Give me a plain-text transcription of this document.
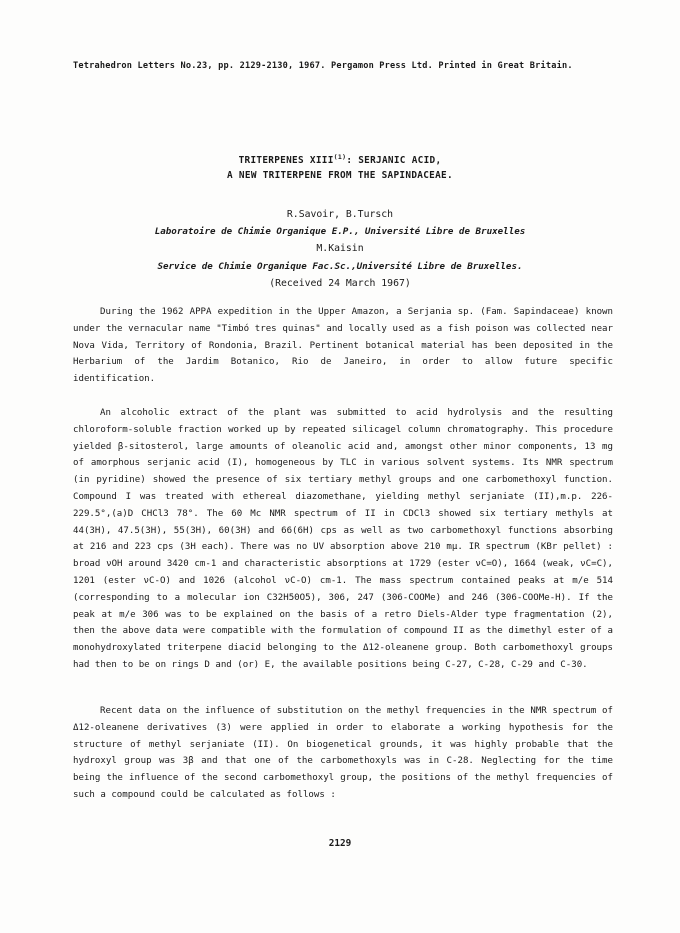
Tetrahedron Letters No.23, pp. 2129-2130, 1967. Pergamon Press Ltd. Printed in Great Britain.
TRITERPENES XIII$^{(1)}$: SERJANIC ACID,
A NEW TRITERPENE FROM THE SAPINDACEAE.
R.Savoir, B.Tursch
Laboratoire de Chimie Organique E.P., Université Libre de Bruxelles
M.Kaisin
Service de Chimie Organique Fac.Sc.,Université Libre de Bruxelles.
(Received 24 March 1967)

During the 1962 APPA expedition in the Upper Amazon, a Serjania sp. (Fam. Sapindaceae) known under the vernacular name "Timbó tres quinas" and locally used as a fish poison was collected near Nova Vida, Territory of Rondonia, Brazil. Pertinent botanical material has been deposited in the Herbarium of the Jardim Botanico, Rio de Janeiro, in order to allow future specific identification.

An alcoholic extract of the plant was submitted to acid hydrolysis and the resulting chloroform-soluble fraction worked up by repeated silicagel column chromatography. This procedure yielded β-sitosterol, large amounts of oleanolic acid and, amongst other minor components, 13 mg of amorphous serjanic acid (I), homogeneous by TLC in various solvent systems. Its NMR spectrum (in pyridine) showed the presence of six tertiary methyl groups and one carbomethoxyl function. Compound I was treated with ethereal diazomethane, yielding methyl serjaniate (II),m.p. 226-229.5°,(a)D CHCl3 78°. The 60 Mc NMR spectrum of II in CDCl3 showed six tertiary methyls at 44(3H), 47.5(3H), 55(3H), 60(3H) and 66(6H) cps as well as two carbomethoxyl functions absorbing at 216 and 223 cps (3H each). There was no UV absorption above 210 mμ. IR spectrum (KBr pellet) : broad νOH around 3420 cm-1 and characteristic absorptions at 1729 (ester νC=O), 1664 (weak, νC=C), 1201 (ester νC-O) and 1026 (alcohol νC-O) cm-1. The mass spectrum contained peaks at m/e 514 (corresponding to a molecular ion C32H50O5), 306, 247 (306-COOMe) and 246 (306-COOMe-H). If the peak at m/e 306 was to be explained on the basis of a retro Diels-Alder type fragmentation (2), then the above data were compatible with the formulation of compound II as the dimethyl ester of a monohydroxylated triterpene diacid belonging to the Δ12-oleanene group. Both carbomethoxyl groups had then to be on rings D and (or) E, the available positions being C-27, C-28, C-29 and C-30.

Recent data on the influence of substitution on the methyl frequencies in the NMR spectrum of Δ12-oleanene derivatives (3) were applied in order to elaborate a working hypothesis for the structure of methyl serjaniate (II). On biogenetical grounds, it was highly probable that the hydroxyl group was 3β and that one of the carbomethoxyls was in C-28. Neglecting for the time being the influence of the second carbomethoxyl group, the positions of the methyl frequencies of such a compound could be calculated as follows :

2129
